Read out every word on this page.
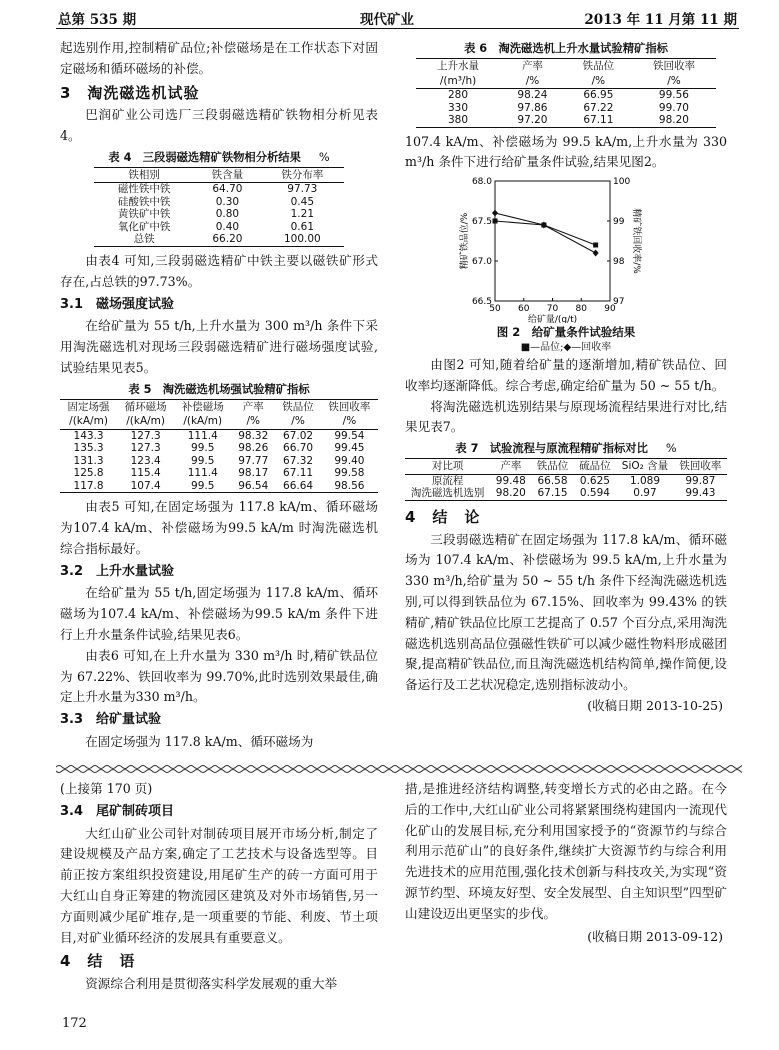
总第 535 期	现代矿业	2013 年 11 月第 11 期

起选别作用,控制精矿品位;补偿磁场是在工作状态下对固定磁场和循环磁场的补偿。

3　淘洗磁选机试验

巴润矿业公司选厂三段弱磁选精矿铁物相分析见表4。

表 4　三段弱磁选精矿铁物相分析结果 %
铁相别	铁含量	铁分布率
磁性铁中铁	64.70	97.73
硅酸铁中铁	0.30	0.45
黄铁矿中铁	0.80	1.21
氧化矿中铁	0.40	0.61
总铁	66.20	100.00

由表4 可知,三段弱磁选精矿中铁主要以磁铁矿形式存在,占总铁的97.73%。

3.1　磁场强度试验

在给矿量为 55 t/h,上升水量为 300 m³/h 条件下采用淘洗磁选机对现场三段弱磁选精矿进行磁场强度试验,试验结果见表5。

表 5　淘洗磁选机场强试验精矿指标
固定场强	循环磁场	补偿磁场	产率	铁品位	铁回收率
/(kA/m)	/(kA/m)	/(kA/m)	/%	/%	/%
143.3	127.3	111.4	98.32	67.02	99.54
135.3	127.3	99.5	98.26	66.70	99.45
131.3	123.4	99.5	97.77	67.32	99.40
125.8	115.4	111.4	98.17	67.11	99.58
117.8	107.4	99.5	96.54	66.64	98.56

由表5 可知,在固定场强为 117.8 kA/m、循环磁场为107.4 kA/m、补偿磁场为99.5 kA/m 时淘洗磁选机综合指标最好。

3.2　上升水量试验

在给矿量为 55 t/h,固定场强为 117.8 kA/m、循环磁场为107.4 kA/m、补偿磁场为99.5 kA/m 条件下进行上升水量条件试验,结果见表6。

由表6 可知,在上升水量为 330 m³/h 时,精矿铁品位为 67.22%、铁回收率为 99.70%,此时选别效果最佳,确定上升水量为330 m³/h。

3.3　给矿量试验

在固定场强为 117.8 kA/m、循环磁场为

表 6　淘洗磁选机上升水量试验精矿指标
上升水量	产率	铁品位	铁回收率
/(m³/h)	/%	/%	/%
280	98.24	66.95	99.56
330	97.86	67.22	99.70
380	97.20	67.11	98.20

107.4 kA/m、补偿磁场为 99.5 kA/m,上升水量为 330 m³/h 条件下进行给矿量条件试验,结果见图2。

50 60 70 80 90
66.5
67.0
67.5
68.0
97
98
99
100
给矿量/(g/t)
精矿铁品位/%	精矿铁回收率/%
图 2　给矿量条件试验结果
■—品位;◆—回收率

由图2 可知,随着给矿量的逐渐增加,精矿铁品位、回收率均逐渐降低。综合考虑,确定给矿量为 50 ~ 55 t/h。

将淘洗磁选机选别结果与原现场流程结果进行对比,结果见表7。

表 7　试验流程与原流程精矿指标对比 %
对比项	产率	铁品位	硫品位	SiO₂ 含量	铁回收率
原流程	99.48	66.58	0.625	1.089	99.87
淘洗磁选机选别	98.20	67.15	0.594	0.97	99.43
4　结　论

三段弱磁选精矿在固定场强为 117.8 kA/m、循环磁场为 107.4 kA/m、补偿磁场为 99.5 kA/m,上升水量为 330 m³/h,给矿量为 50 ~ 55 t/h 条件下经淘洗磁选机选别,可以得到铁品位为 67.15%、回收率为 99.43% 的铁精矿,精矿铁品位比原工艺提高了 0.57 个百分点,采用淘洗磁选机选别高品位强磁性铁矿可以减少磁性物料形成磁团聚,提高精矿铁品位,而且淘洗磁选机结构简单,操作简便,设备运行及工艺状况稳定,选别指标波动小。

(收稿日期 2013-10-25)

(上接第 170 页)

3.4　尾矿制砖项目

大红山矿业公司针对制砖项目展开市场分析,制定了建设规模及产品方案,确定了工艺技术与设备选型等。目前正按方案组织投资建设,用尾矿生产的砖一方面可用于大红山自身正筹建的物流园区建筑及对外市场销售,另一方面则减少尾矿堆存,是一项重要的节能、利废、节土项目,对矿业循环经济的发展具有重要意义。

4　结　语

资源综合利用是贯彻落实科学发展观的重大举

措,是推进经济结构调整,转变增长方式的必由之路。在今后的工作中,大红山矿业公司将紧紧围绕构建国内一流现代化矿山的发展目标,充分利用国家授予的“资源节约与综合利用示范矿山”的良好条件,继续扩大资源节约与综合利用先进技术的应用范围,强化技术创新与科技攻关,为实现“资源节约型、环境友好型、安全发展型、自主知识型”四型矿山建设迈出更坚实的步伐。

(收稿日期 2013-09-12)
172
